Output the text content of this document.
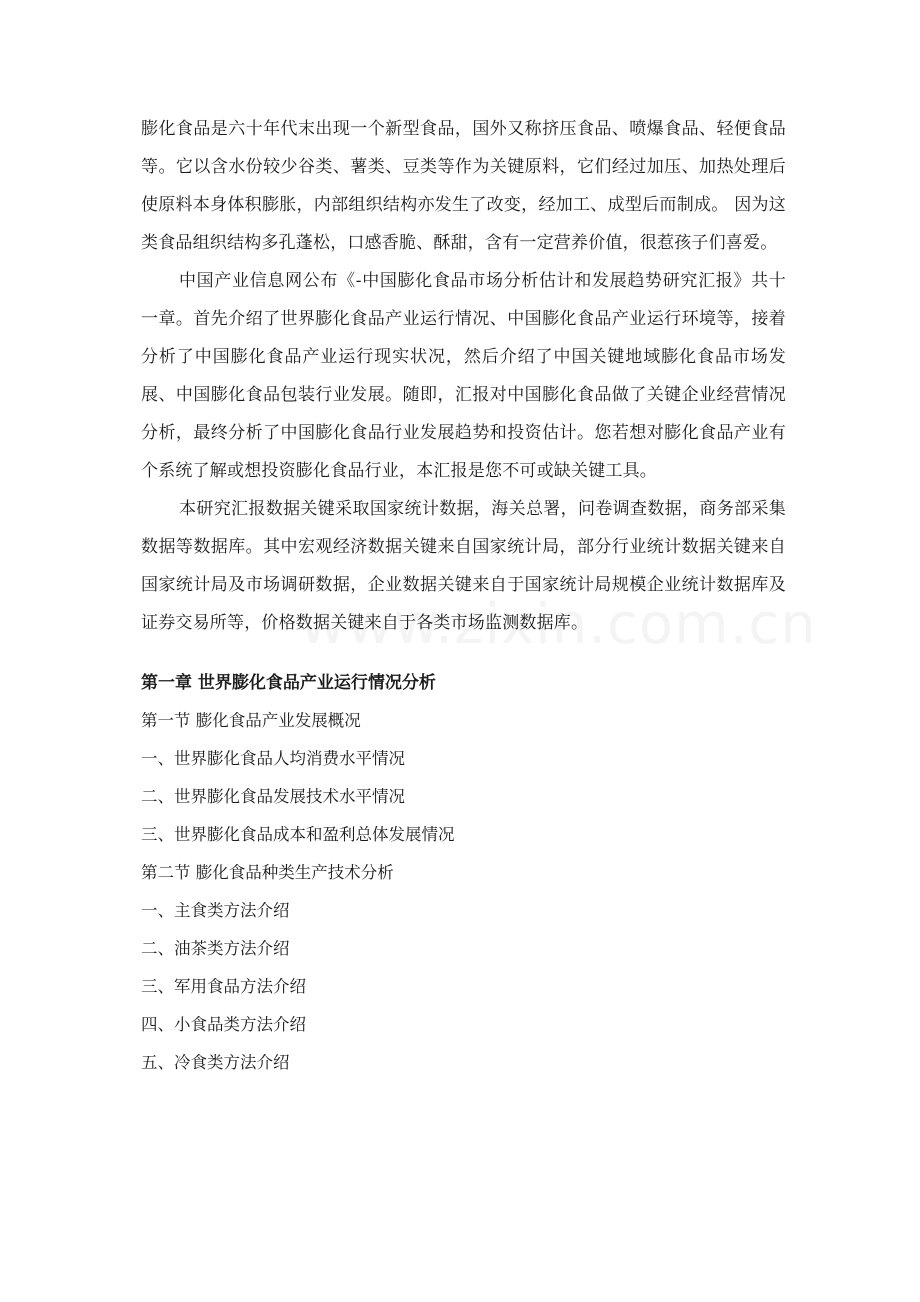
膨化食品是六十年代末出现一个新型食品，国外又称挤压食品、喷爆食品、轻便食品等。它以含水份较少谷类、薯类、豆类等作为关键原料，它们经过加压、加热处理后使原料本身体积膨胀，内部组织结构亦发生了改变，经加工、成型后而制成。 因为这类食品组织结构多孔蓬松，口感香脆、酥甜，含有一定营养价值，很惹孩子们喜爱。

中国产业信息网公布《-中国膨化食品市场分析估计和发展趋势研究汇报》共十一章。首先介绍了世界膨化食品产业运行情况、中国膨化食品产业运行环境等，接着分析了中国膨化食品产业运行现实状况，然后介绍了中国关键地域膨化食品市场发展、中国膨化食品包装行业发展。随即，汇报对中国膨化食品做了关键企业经营情况分析，最终分析了中国膨化食品行业发展趋势和投资估计。您若想对膨化食品产业有个系统了解或想投资膨化食品行业，本汇报是您不可或缺关键工具。

本研究汇报数据关键采取国家统计数据，海关总署，问卷调查数据，商务部采集数据等数据库。其中宏观经济数据关键来自国家统计局，部分行业统计数据关键来自国家统计局及市场调研数据，企业数据关键来自于国家统计局规模企业统计数据库及证券交易所等，价格数据关键来自于各类市场监测数据库。

第一章 世界膨化食品产业运行情况分析

第一节 膨化食品产业发展概况

一、世界膨化食品人均消费水平情况

二、世界膨化食品发展技术水平情况

三、世界膨化食品成本和盈利总体发展情况

第二节 膨化食品种类生产技术分析

一、主食类方法介绍

二、油茶类方法介绍

三、军用食品方法介绍

四、小食品类方法介绍

五、冷食类方法介绍
